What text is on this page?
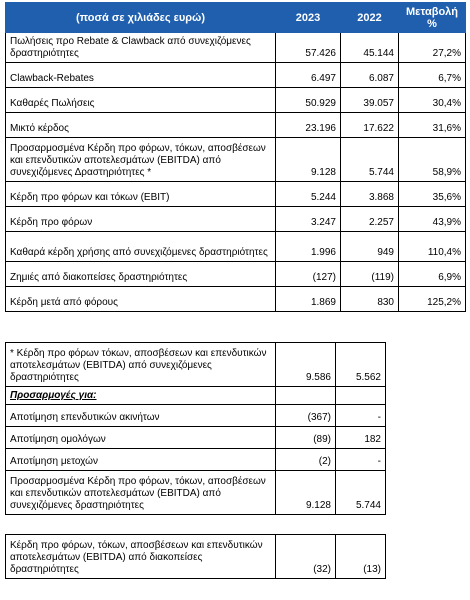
(ποσά σε χιλιάδες ευρώ)	2023	2022	Μεταβολή %
Πωλήσεις προ Rebate & Clawback από συνεχιζόμενες δραστηριότητες	57.426	45.144	27,2%
Clawback-Rebates	6.497	6.087	6,7%
Καθαρές Πωλήσεις	50.929	39.057	30,4%
Μικτό κέρδος	23.196	17.622	31,6%
Προσαρμοσμένα Κέρδη προ φόρων, τόκων, αποσβέσεων και επενδυτικών αποτελεσμάτων (EBITDA) από συνεχιζόμενες Δραστηριότητες *	9.128	5.744	58,9%
Κέρδη προ φόρων και τόκων (EBIT)	5.244	3.868	35,6%
Κέρδη προ φόρων	3.247	2.257	43,9%
Καθαρά κέρδη χρήσης από συνεχιζόμενες δραστηριότητες	1.996	949	110,4%
Ζημιές από διακοπείσες δραστηριότητες	(127)	(119)	6,9%
Κέρδη μετά από φόρους	1.869	830	125,2%
* Κέρδη προ φόρων τόκων, αποσβέσεων και επενδυτικών αποτελεσμάτων (EBITDA) από συνεχιζόμενες δραστηριότητες	9.586	5.562
Προσαρμογές για:		
Αποτίμηση επενδυτικών ακινήτων	(367)	-
Αποτίμηση ομολόγων	(89)	182
Αποτίμηση μετοχών	(2)	-
Προσαρμοσμένα Κέρδη προ φόρων, τόκων, αποσβέσεων και επενδυτικών αποτελεσμάτων (EBITDA) από συνεχιζόμενες δραστηριότητες	9.128	5.744
Κέρδη προ φόρων, τόκων, αποσβέσεων και επενδυτικών αποτελεσμάτων (EBITDA) από διακοπείσες δραστηριότητες	(32)	(13)
